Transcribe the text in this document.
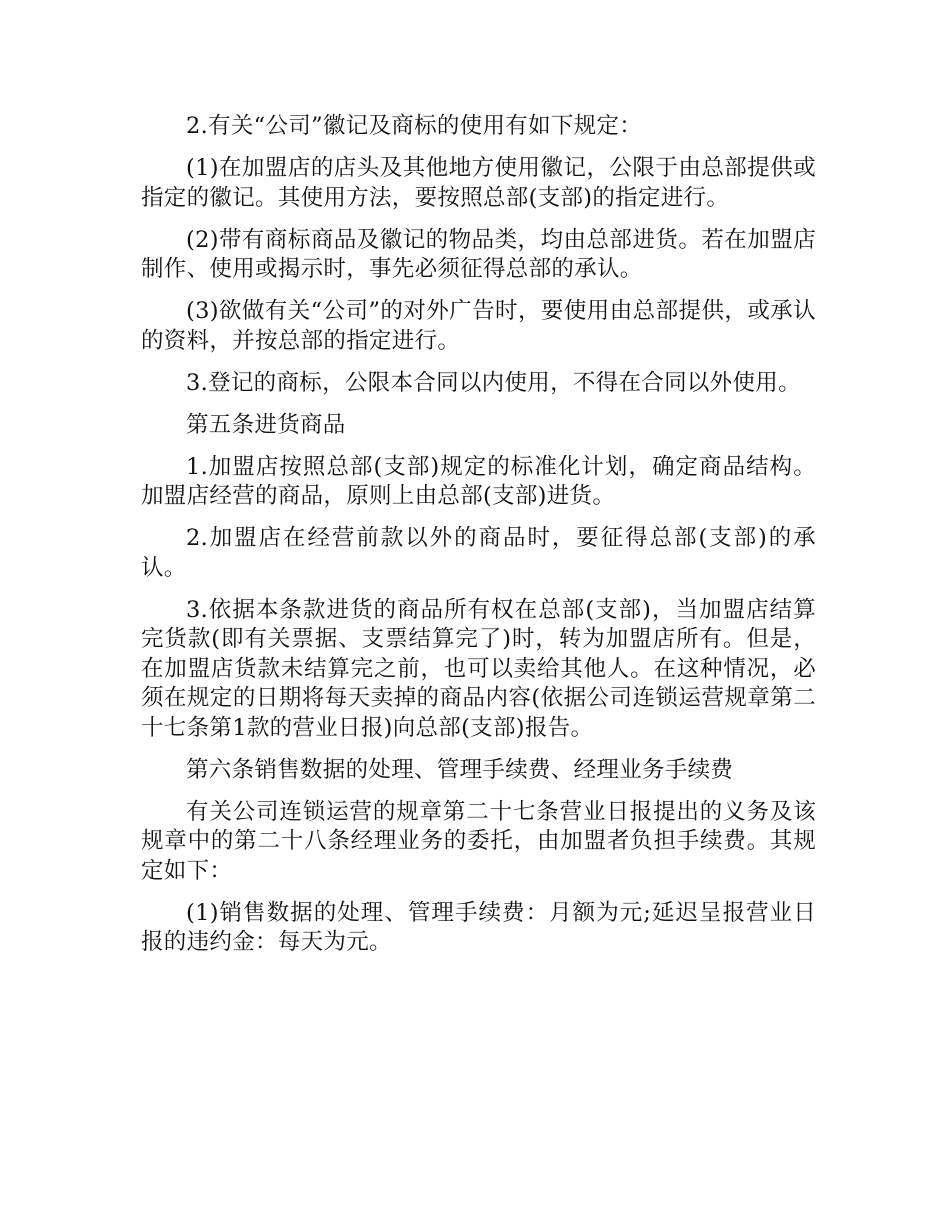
2.有关“公司”徽记及商标的使用有如下规定：

(1)在加盟店的店头及其他地方使用徽记，公限于由总部提供或指定的徽记。其使用方法，要按照总部(支部)的指定进行。

(2)带有商标商品及徽记的物品类，均由总部进货。若在加盟店制作、使用或揭示时，事先必须征得总部的承认。

(3)欲做有关“公司”的对外广告时，要使用由总部提供，或承认的资料，并按总部的指定进行。

3.登记的商标，公限本合同以内使用，不得在合同以外使用。

第五条进货商品

1.加盟店按照总部(支部)规定的标准化计划，确定商品结构。加盟店经营的商品，原则上由总部(支部)进货。

2.加盟店在经营前款以外的商品时，要征得总部(支部)的承认。

3.依据本条款进货的商品所有权在总部(支部)，当加盟店结算完货款(即有关票据、支票结算完了)时，转为加盟店所有。但是，在加盟店货款未结算完之前，也可以卖给其他人。在这种情况，必须在规定的日期将每天卖掉的商品内容(依据公司连锁运营规章第二十七条第1款的营业日报)向总部(支部)报告。

第六条销售数据的处理、管理手续费、经理业务手续费

有关公司连锁运营的规章第二十七条营业日报提出的义务及该规章中的第二十八条经理业务的委托，由加盟者负担手续费。其规定如下：

(1)销售数据的处理、管理手续费：月额为元;延迟呈报营业日报的违约金：每天为元。
